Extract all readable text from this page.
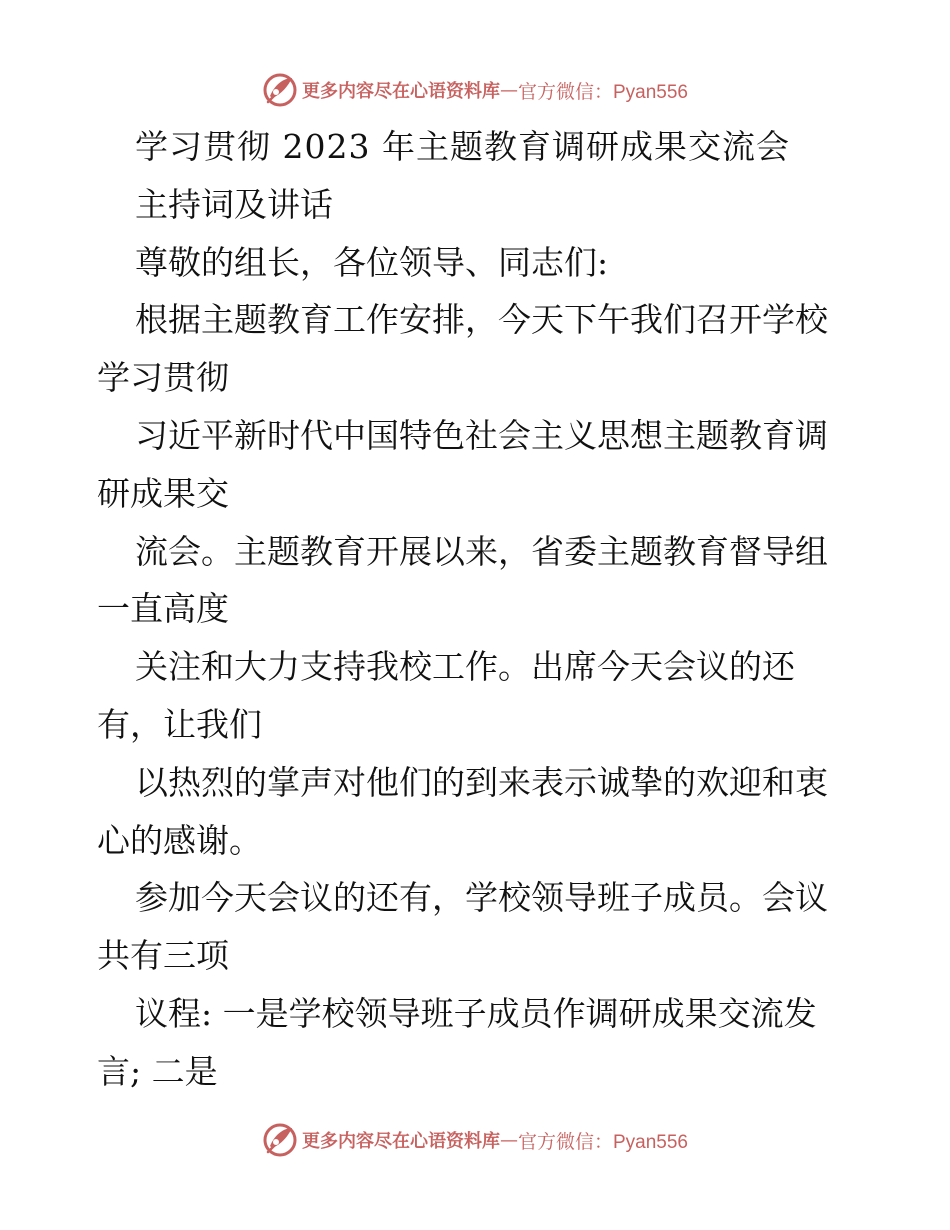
更多内容尽在心语资料库 — 官方微信：Pyan556
学习贯彻 2023 年主题教育调研成果交流会
主持词及讲话
尊敬的组长，各位领导、同志们:
根据主题教育工作安排，今天下午我们召开学校
学习贯彻
习近平新时代中国特色社会主义思想主题教育调
研成果交
流会。主题教育开展以来，省委主题教育督导组
一直高度
关注和大力支持我校工作。出席今天会议的还
有，让我们
以热烈的掌声对他们的到来表示诚挚的欢迎和衷
心的感谢。
参加今天会议的还有，学校领导班子成员。会议
共有三项
议程: 一是学校领导班子成员作调研成果交流发
言; 二是
更多内容尽在心语资料库 — 官方微信：Pyan556
